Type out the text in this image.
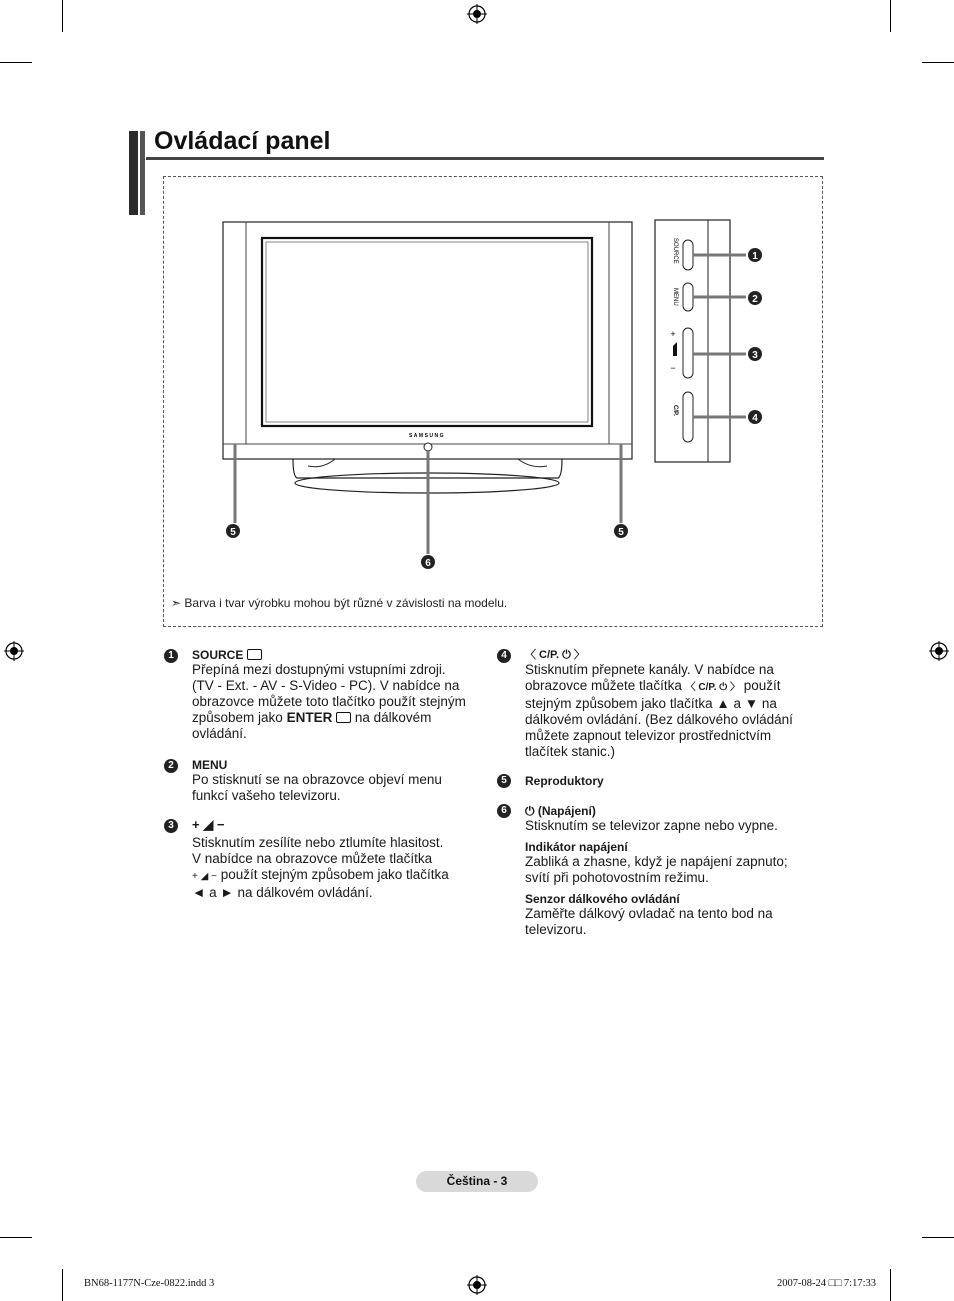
Ovládací panel
SAMSUNG
SOURCE
MENU
+
−
C/P.
1
2
3
4
5	5
6
➣ Barva i tvar výrobku mohou být různé v závislosti na modelu.
1	SOURCE
Přepíná mezi dostupnými vstupními zdroji.
(TV - Ext. - AV - S-Video - PC). V nabídce na
obrazovce můžete toto tlačítko použít stejným
způsobem jako ENTER na dálkovém
ovládání.
2	MENU
Po stisknutí se na obrazovce objeví menu
funkcí vašeho televizoru.
3	+ ◢ −
Stisknutím zesílíte nebo ztlumíte hlasitost.
V nabídce na obrazovce můžete tlačítka
+ ◢ − použít stejným způsobem jako tlačítka
◄ a ► na dálkovém ovládání.
4	〈 C/P. ⏻ 〉
Stisknutím přepnete kanály. V nabídce na
obrazovce můžete tlačítka 〈 C/P. ⏻ 〉 použít
stejným způsobem jako tlačítka ▲ a ▼ na
dálkovém ovládání. (Bez dálkového ovládání
můžete zapnout televizor prostřednictvím
tlačítek stanic.)
5	Reproduktory
6	⏻ (Napájení)
Stisknutím se televizor zapne nebo vypne.
Indikátor napájení
Zabliká a zhasne, když je napájení zapnuto;
svítí při pohotovostním režimu.
Senzor dálkového ovládání
Zaměřte dálkový ovladač na tento bod na
televizoru.
Čeština - 3
BN68-1177N-Cze-0822.indd 3	2007-08-24 □□ 7:17:33
